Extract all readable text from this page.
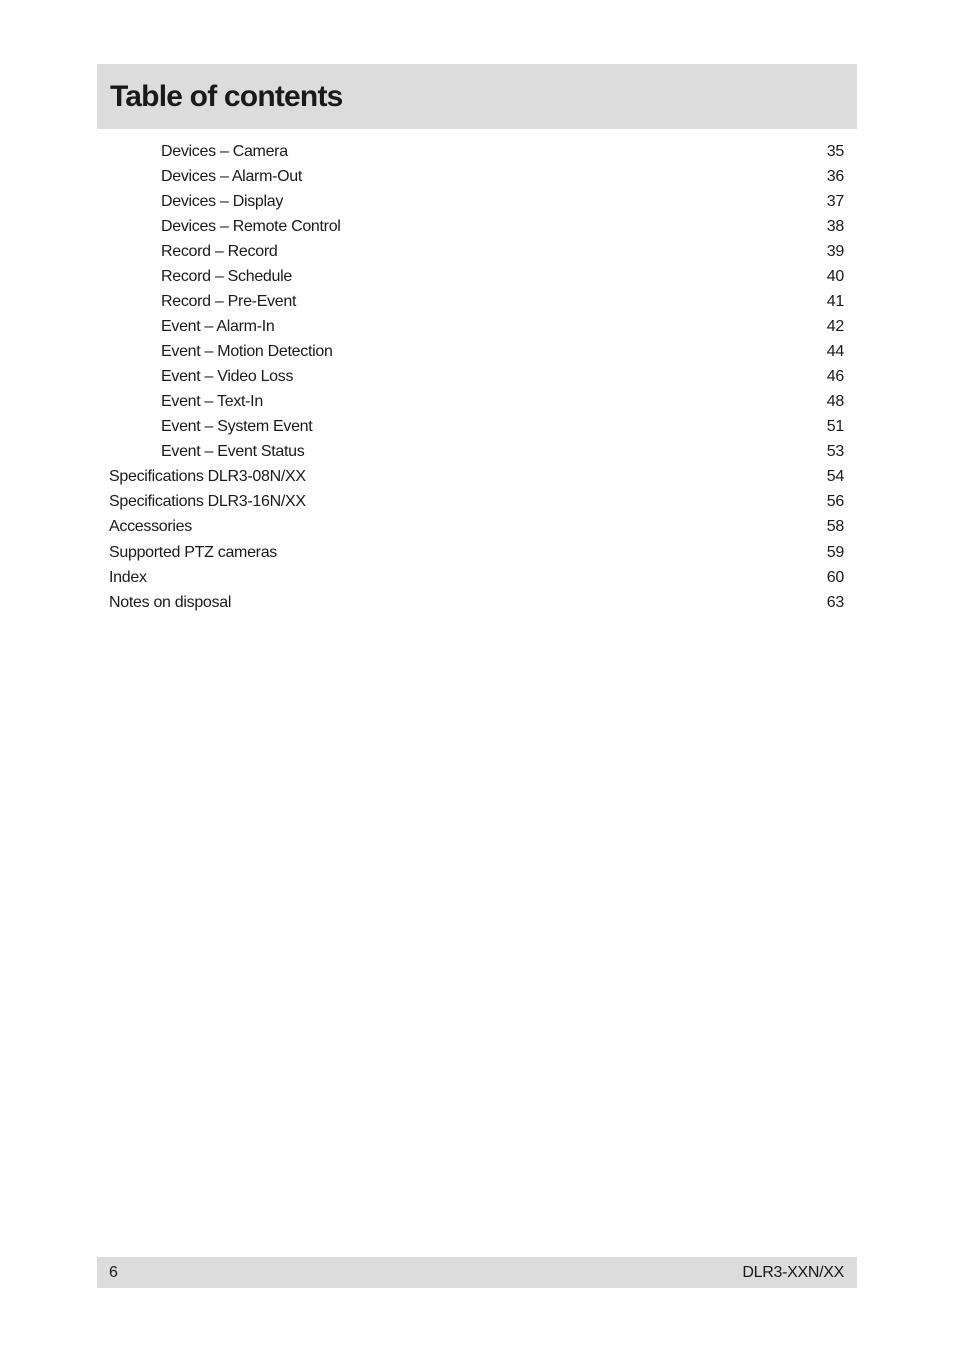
Table of contents
Devices – Camera	35
Devices – Alarm-Out	36
Devices – Display	37
Devices – Remote Control	38
Record – Record	39
Record – Schedule	40
Record – Pre-Event	41
Event – Alarm-In	42
Event – Motion Detection	44
Event – Video Loss	46
Event – Text-In	48
Event – System Event	51
Event – Event Status	53
Specifications DLR3-08N/XX	54
Specifications DLR3-16N/XX	56
Accessories	58
Supported PTZ cameras	59
Index	60
Notes on disposal	63
6	DLR3-XXN/XX
